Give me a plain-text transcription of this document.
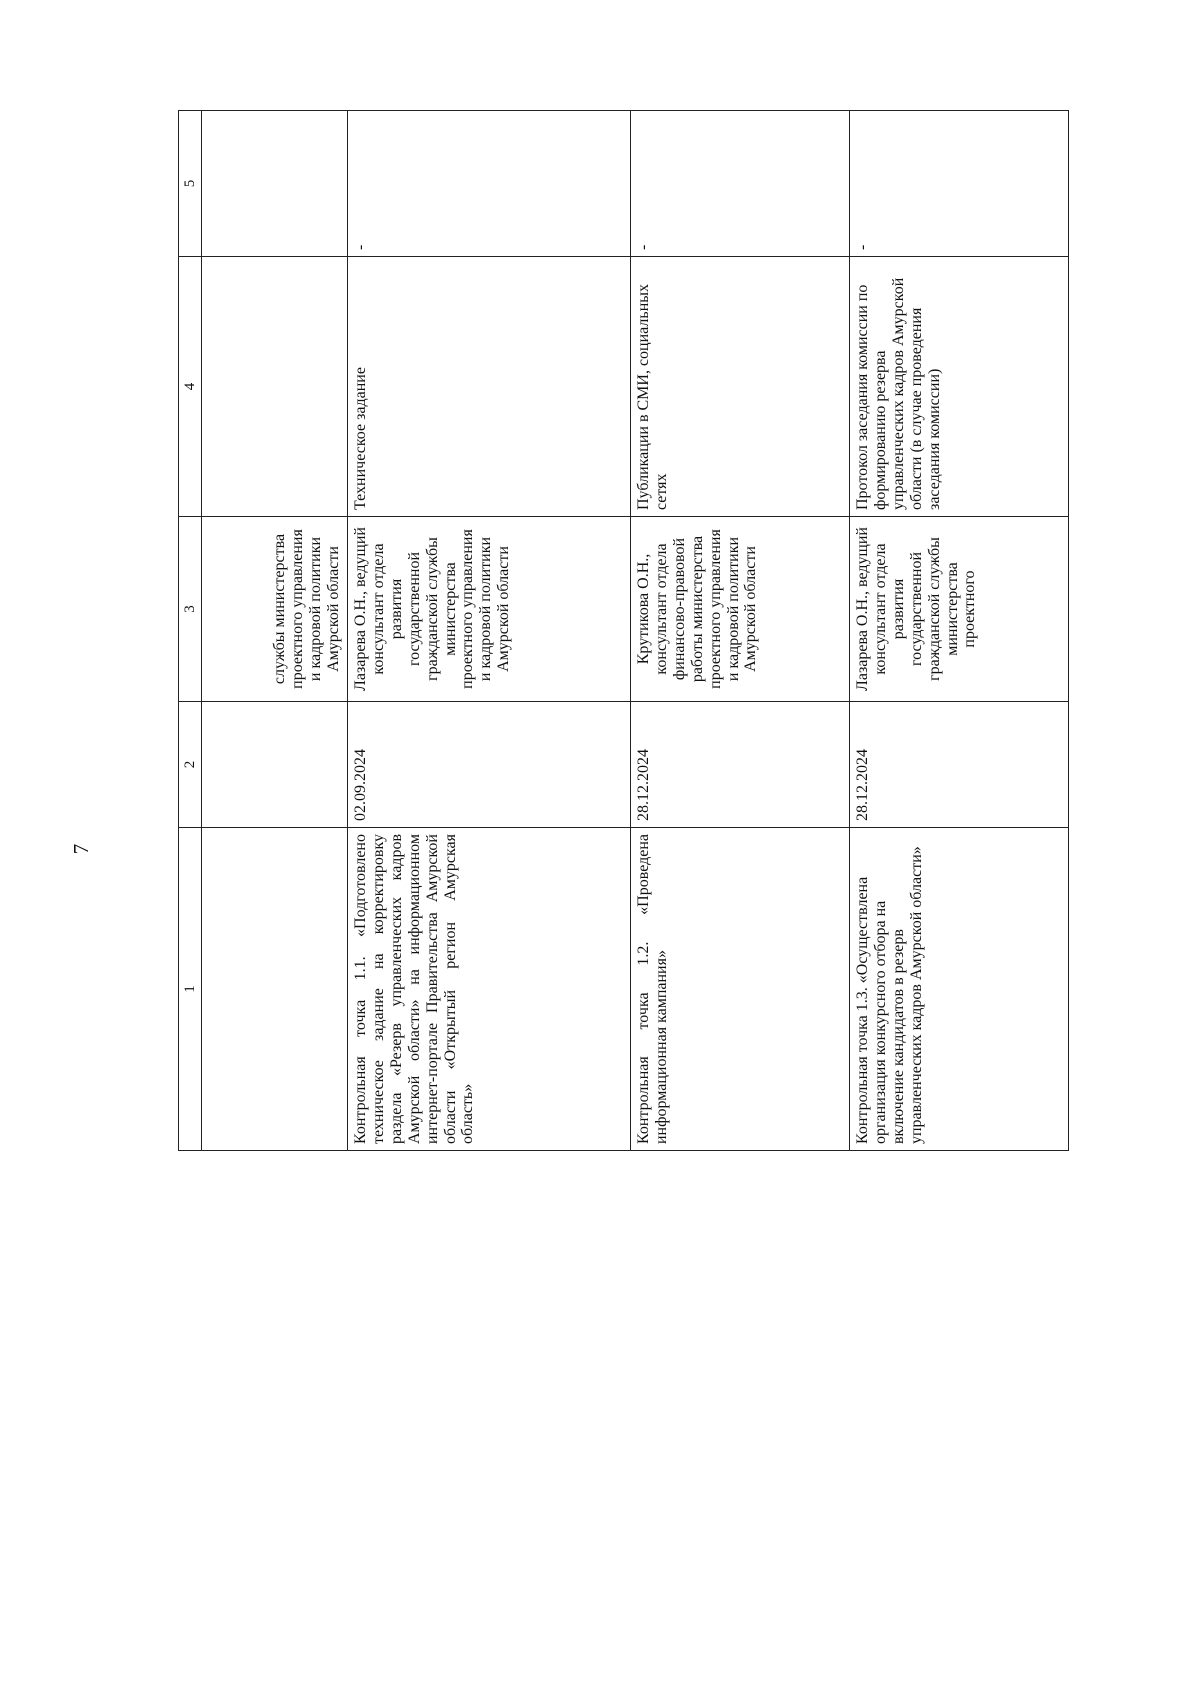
7
1	2	3	4	5
		службы министерства проектного управления и кадровой политики Амурской области		
Контрольная точка 1.1. «Подготовлено техническое задание на корректировку раздела «Резерв управленческих кадров Амурской области» на информационном интернет-портале Правительства Амурской области «Открытый регион Амурская область»	02.09.2024	Лазарева О.Н., ведущий консультант отдела развития государственной гражданской службы министерства проектного управления и кадровой политики Амурской области	Техническое задание	-
Контрольная точка 1.2. «Проведена информационная кампания»	28.12.2024	Крутикова О.Н., консультант отдела финансово-правовой работы министерства проектного управления и кадровой политики Амурской области	Публикации в СМИ, социальных сетях	-
Контрольная точка 1.3. «Осуществлена организация конкурсного отбора на включение кандидатов в резерв управленческих кадров Амурской области»	28.12.2024	Лазарева О.Н., ведущий консультант отдела развития государственной гражданской службы министерства проектного	Протокол заседания комиссии по формированию резерва управленческих кадров Амурской области (в случае проведения заседания комиссии)	-
